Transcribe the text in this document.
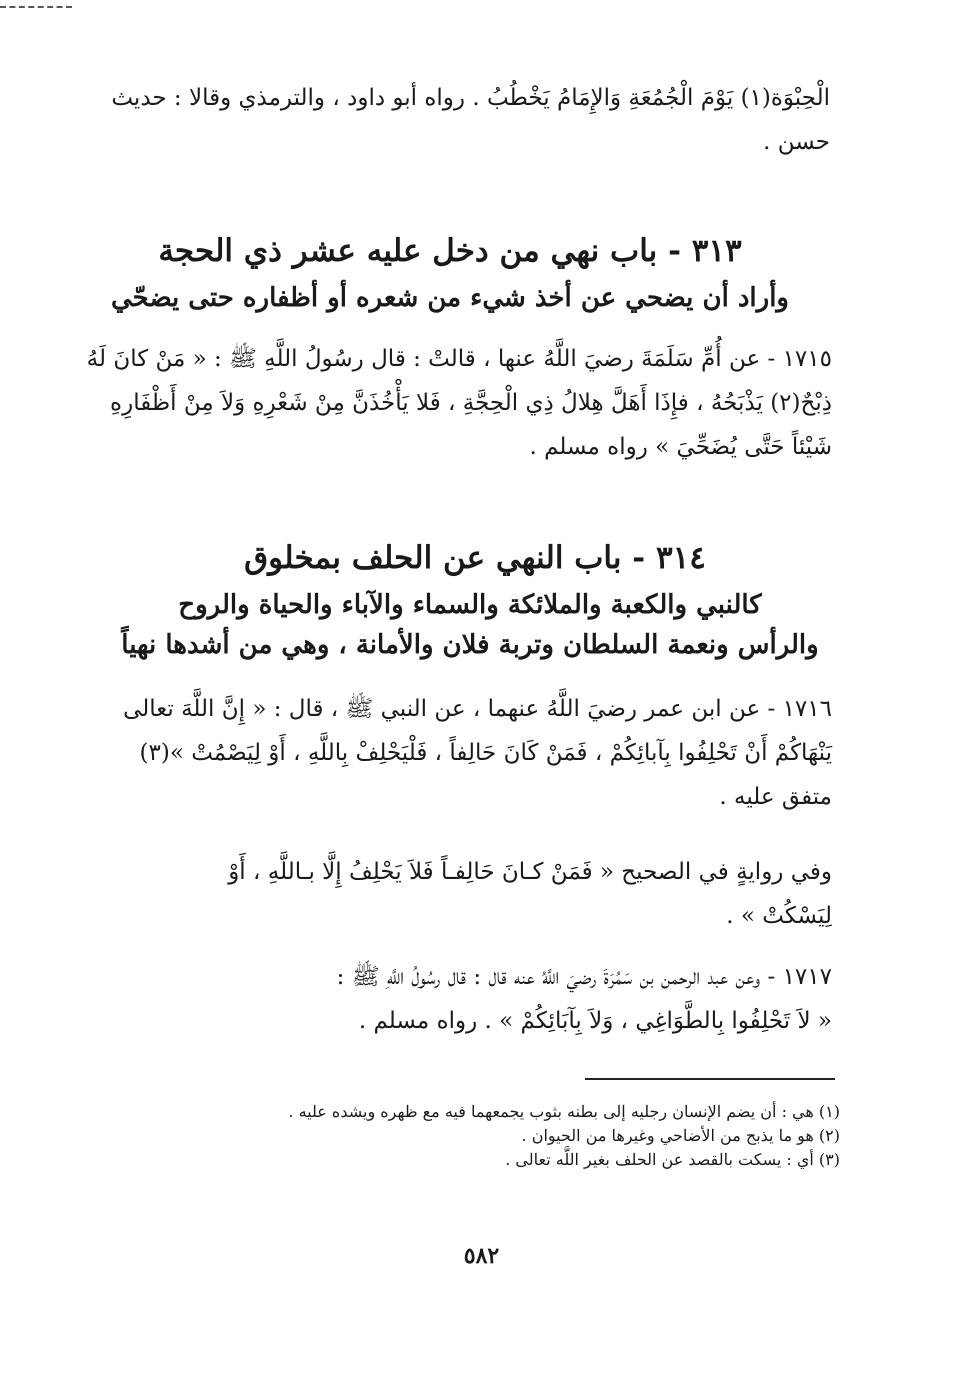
الْحِبْوَة(١) يَوْمَ الْجُمُعَةِ وَالإِمَامُ يَخْطُبُ . رواه أبو داود ، والترمذي وقالا : حديث
حسن .
٣١٣ - باب نهي من دخل عليه عشر ذي الحجة
وأراد أن يضحي عن أخذ شيء من شعره أو أظفاره حتى يضحّي
١٧١٥ - عن أُمِّ سَلَمَةَ رضيَ اللَّهُ عنها ، قالتْ : قال رسُولُ اللَّهِ ﷺ : « مَنْ كانَ لَهُ
ذِبْحٌ(٢) يَذْبَحُهُ ، فإِذَا أَهَلَّ هِلالُ ذِي الْحِجَّةِ ، فَلا يَأْخُذَنَّ مِنْ شَعْرِهِ وَلاَ مِنْ أَظْفَارِهِ
شَيْئاً حَتَّى يُضَحِّيَ » رواه مسلم .
٣١٤ - باب النهي عن الحلف بمخلوق
كالنبي والكعبة والملائكة والسماء والآباء والحياة والروح
والرأس ونعمة السلطان وتربة فلان والأمانة ، وهي من أشدها نهياً
١٧١٦ - عن ابن عمر رضيَ اللَّهُ عنهما ، عن النبي ﷺ ، قال : « إِنَّ اللَّهَ تعالى
يَنْهَاكُمْ أَنْ تَحْلِفُوا بِآبائِكُمْ ، فَمَنْ كَانَ حَالِفاً ، فَلْيَحْلِفْ بِاللَّهِ ، أَوْ لِيَصْمُتْ »(٣)
متفق عليه .
وفي روايةٍ في الصحيح « فَمَنْ كـانَ حَالِفـاً فَلاَ يَحْلِفُ إِلَّا بـاللَّهِ ، أَوْ
لِيَسْكُتْ » .
١٧١٧ - وعن عبد الرحمن بن سَمُرَةَ رضيَ اللَّهُ عنه قال : قال رسُولُ اللَّهِ ﷺ :
« لاَ تَحْلِفُوا بِالطَّوَاغِي ، وَلاَ بِآبَائِكُمْ » . رواه مسلم .
(١) هي : أن يضم الإنسان رجليه إلى بطنه بثوب يجمعهما فيه مع ظهره ويشده عليه .
(٢) هو ما يذبح من الأضاحي وغيرها من الحيوان .
(٣) أي : يسكت بالقصد عن الحلف بغير اللَّه تعالى .
٥٨٢
